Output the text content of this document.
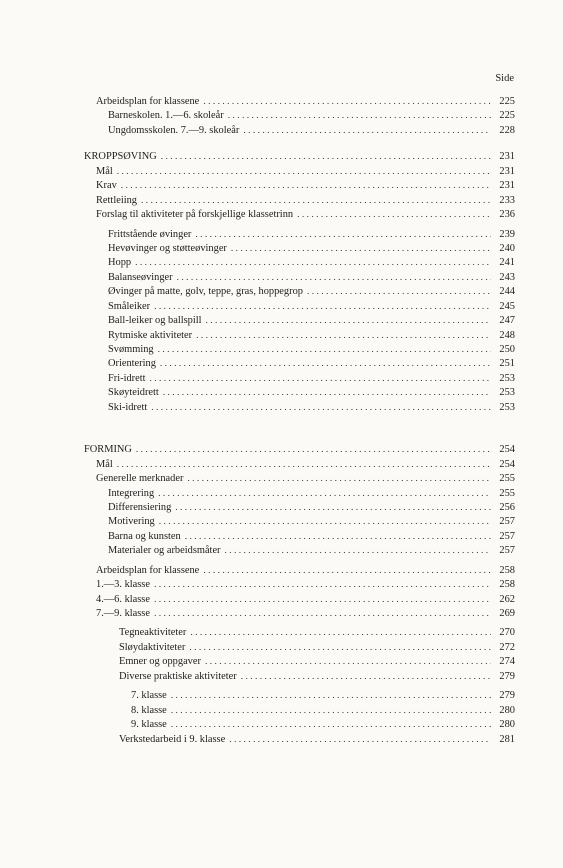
Side
Arbeidsplan for klassene . . .	225
Barneskolen. 1.—6. skoleår . . .	225
Ungdomsskolen. 7.—9. skoleår . . .	228
KROPPSØVING . . .	231
Mål . . .	231
Krav . . .	231
Rettleiing . . .	233
Forslag til aktiviteter på forskjellige klassetrinn . . .	236
Frittstående øvinger . . .	239
Hevøvinger og støtteøvinger . . .	240
Hopp . . .	241
Balanseøvinger . . .	243
Øvinger på matte, golv, teppe, gras, hoppegrop . . .	244
Småleiker . . .	245
Ball-leiker og ballspill . . .	247
Rytmiske aktiviteter . . .	248
Svømming . . .	250
Orientering . . .	251
Fri-idrett . . .	253
Skøyteidrett . . .	253
Ski-idrett . . .	253
FORMING . . .	254
Mål . . .	254
Generelle merknader . . .	255
Integrering . . .	255
Differensiering . . .	256
Motivering . . .	257
Barna og kunsten . . .	257
Materialer og arbeidsmåter . . .	257
Arbeidsplan for klassene . . .	258
1.—3. klasse . . .	258
4.—6. klasse . . .	262
7.—9. klasse . . .	269
Tegneaktiviteter . . .	270
Sløydaktiviteter . . .	272
Emner og oppgaver . . .	274
Diverse praktiske aktiviteter . . .	279
7. klasse . . .	279
8. klasse . . .	280
9. klasse . . .	280
Verkstedarbeid i 9. klasse . . .	281
